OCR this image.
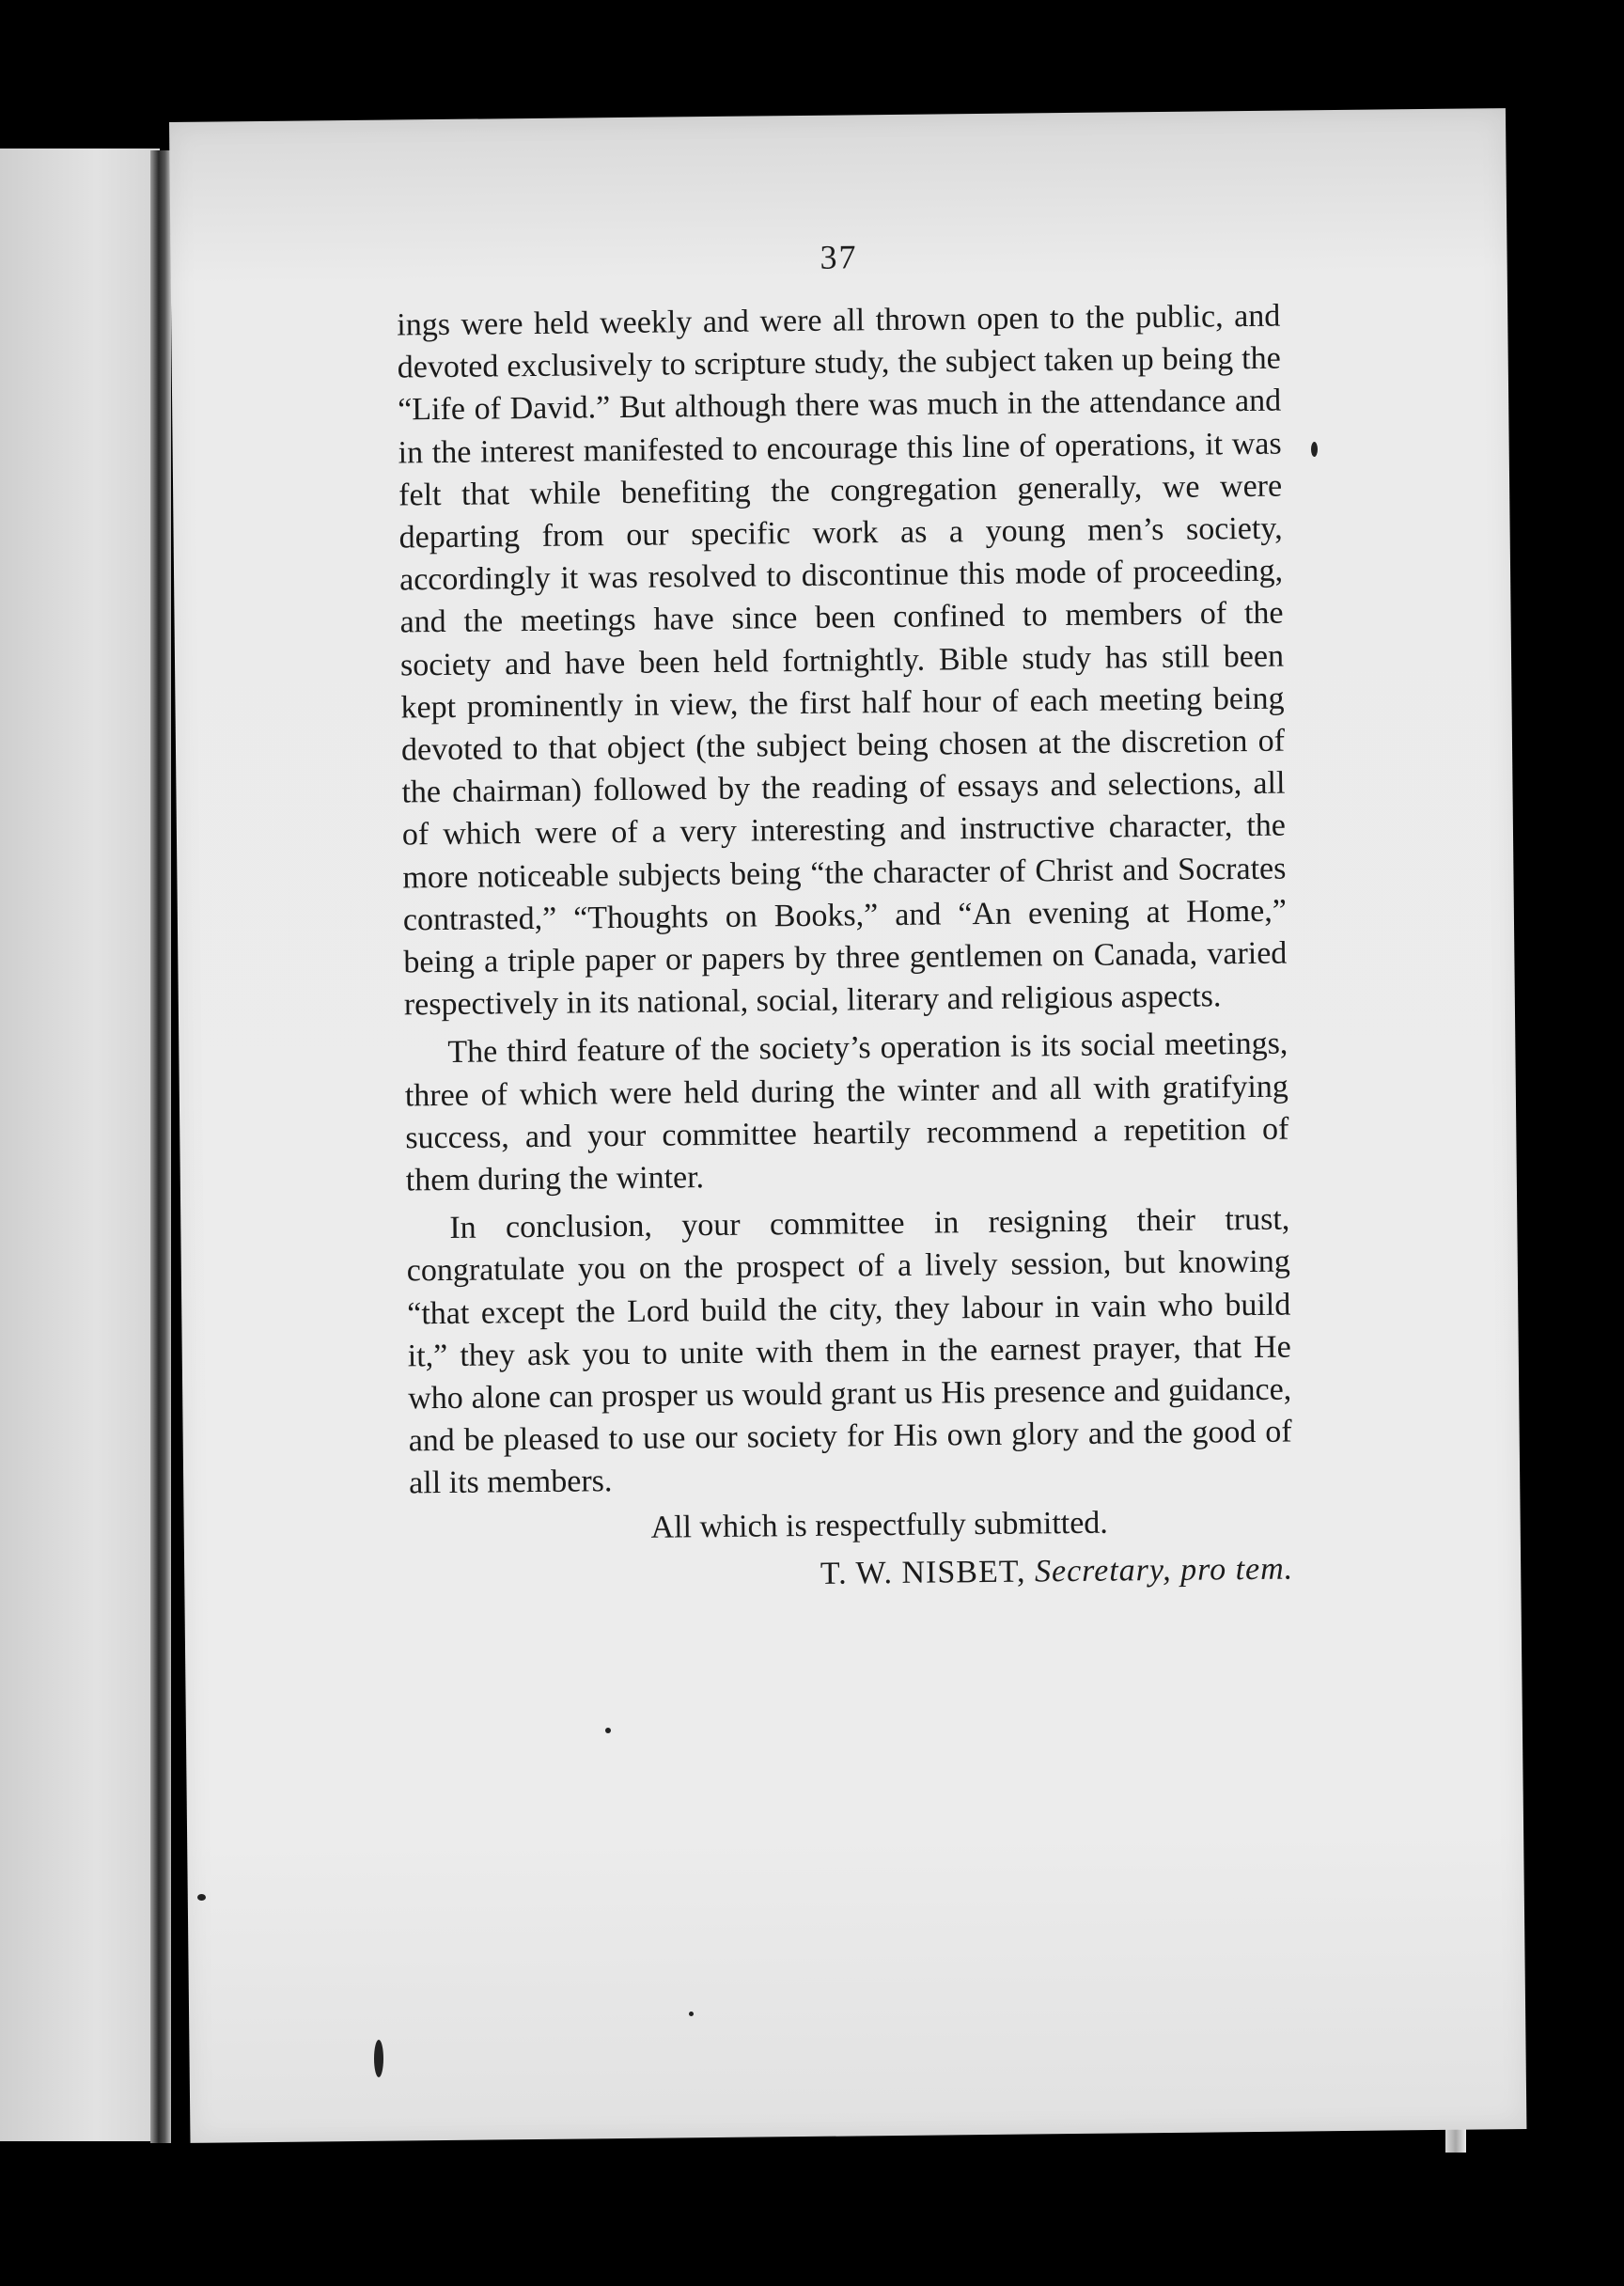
37

ings were held weekly and were all thrown open to the public, and devoted exclusively to scripture study, the subject taken up being the “Life of David.” But although there was much in the attendance and in the interest manifested to encourage this line of operations, it was felt that while benefiting the congregation generally, we were departing from our specific work as a young men’s society, accordingly it was resolved to discontinue this mode of proceeding, and the meetings have since been confined to members of the society and have been held fortnightly. Bible study has still been kept prominently in view, the first half hour of each meeting being devoted to that object (the subject being chosen at the discretion of the chairman) followed by the reading of essays and selections, all of which were of a very interesting and instructive character, the more noticeable subjects being “the character of Christ and Socrates contrasted,” “Thoughts on Books,” and “An evening at Home,” being a triple paper or papers by three gentlemen on Canada, varied respectively in its national, social, literary and religious aspects.

The third feature of the society’s operation is its social meetings, three of which were held during the winter and all with gratifying success, and your committee heartily recommend a repetition of them during the winter.

In conclusion, your committee in resigning their trust, congratulate you on the prospect of a lively session, but knowing “that except the Lord build the city, they labour in vain who build it,” they ask you to unite with them in the earnest prayer, that He who alone can prosper us would grant us His presence and guidance, and be pleased to use our society for His own glory and the good of all its members.

All which is respectfully submitted.

T. W. NISBET, Secretary, pro tem.
